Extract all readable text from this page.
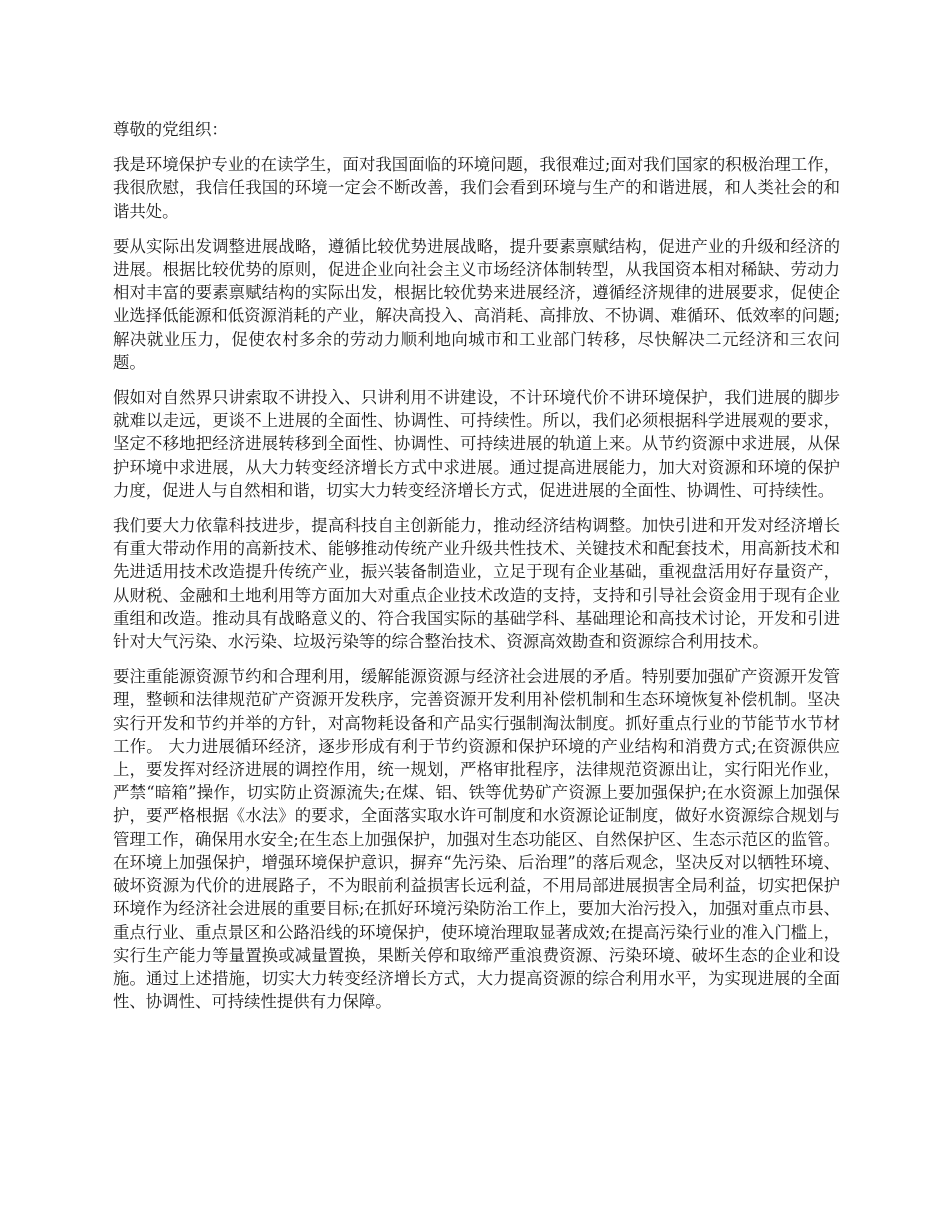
尊敬的党组织：

我是环境保护专业的在读学生，面对我国面临的环境问题，我很难过;面对我们国家的积极治理工作，我很欣慰，我信任我国的环境一定会不断改善，我们会看到环境与生产的和谐进展，和人类社会的和谐共处。

要从实际出发调整进展战略，遵循比较优势进展战略，提升要素禀赋结构，促进产业的升级和经济的进展。根据比较优势的原则，促进企业向社会主义市场经济体制转型，从我国资本相对稀缺、劳动力相对丰富的要素禀赋结构的实际出发，根据比较优势来进展经济，遵循经济规律的进展要求，促使企业选择低能源和低资源消耗的产业，解决高投入、高消耗、高排放、不协调、难循环、低效率的问题;解决就业压力，促使农村多余的劳动力顺利地向城市和工业部门转移，尽快解决二元经济和三农问题。

假如对自然界只讲索取不讲投入、只讲利用不讲建设，不计环境代价不讲环境保护，我们进展的脚步就难以走远，更谈不上进展的全面性、协调性、可持续性。所以，我们必须根据科学进展观的要求， 坚定不移地把经济进展转移到全面性、协调性、可持续进展的轨道上来。从节约资源中求进展，从保护环境中求进展，从大力转变经济增长方式中求进展。通过提高进展能力，加大对资源和环境的保护力度，促进人与自然相和谐，切实大力转变经济增长方式，促进进展的全面性、协调性、可持续性。

我们要大力依靠科技进步，提高科技自主创新能力，推动经济结构调整。加快引进和开发对经济增长有重大带动作用的高新技术、能够推动传统产业升级共性技术、关键技术和配套技术，用高新技术和先进适用技术改造提升传统产业，振兴装备制造业，立足于现有企业基础，重视盘活用好存量资产，从财税、金融和土地利用等方面加大对重点企业技术改造的支持，支持和引导社会资金用于现有企业重组和改造。推动具有战略意义的、符合我国实际的基础学科、基础理论和高技术讨论，开发和引进针对大气污染、水污染、垃圾污染等的综合整治技术、资源高效勘查和资源综合利用技术。

要注重能源资源节约和合理利用，缓解能源资源与经济社会进展的矛盾。特别要加强矿产资源开发管理，整顿和法律规范矿产资源开发秩序，完善资源开发利用补偿机制和生态环境恢复补偿机制。坚决实行开发和节约并举的方针，对高物耗设备和产品实行强制淘汰制度。抓好重点行业的节能节水节材工作。 大力进展循环经济，逐步形成有利于节约资源和保护环境的产业结构和消费方式;在资源供应上，要发挥对经济进展的调控作用，统一规划，严格审批程序，法律规范资源出让，实行阳光作业，严禁“暗箱”操作，切实防止资源流失;在煤、铝、铁等优势矿产资源上要加强保护;在水资源上加强保护，要严格根据《水法》的要求，全面落实取水许可制度和水资源论证制度，做好水资源综合规划与管理工作，确保用水安全;在生态上加强保护，加强对生态功能区、自然保护区、生态示范区的监管。在环境上加强保护，增强环境保护意识，摒弃“先污染、后治理”的落后观念，坚决反对以牺牲环境、破坏资源为代价的进展路子，不为眼前利益损害长远利益，不用局部进展损害全局利益，切实把保护环境作为经济社会进展的重要目标;在抓好环境污染防治工作上，要加大治污投入，加强对重点市县、重点行业、重点景区和公路沿线的环境保护，使环境治理取显著成效;在提高污染行业的准入门槛上，实行生产能力等量置换或减量置换，果断关停和取缔严重浪费资源、污染环境、破坏生态的企业和设施。通过上述措施，切实大力转变经济增长方式，大力提高资源的综合利用水平，为实现进展的全面性、协调性、可持续性提供有力保障。
